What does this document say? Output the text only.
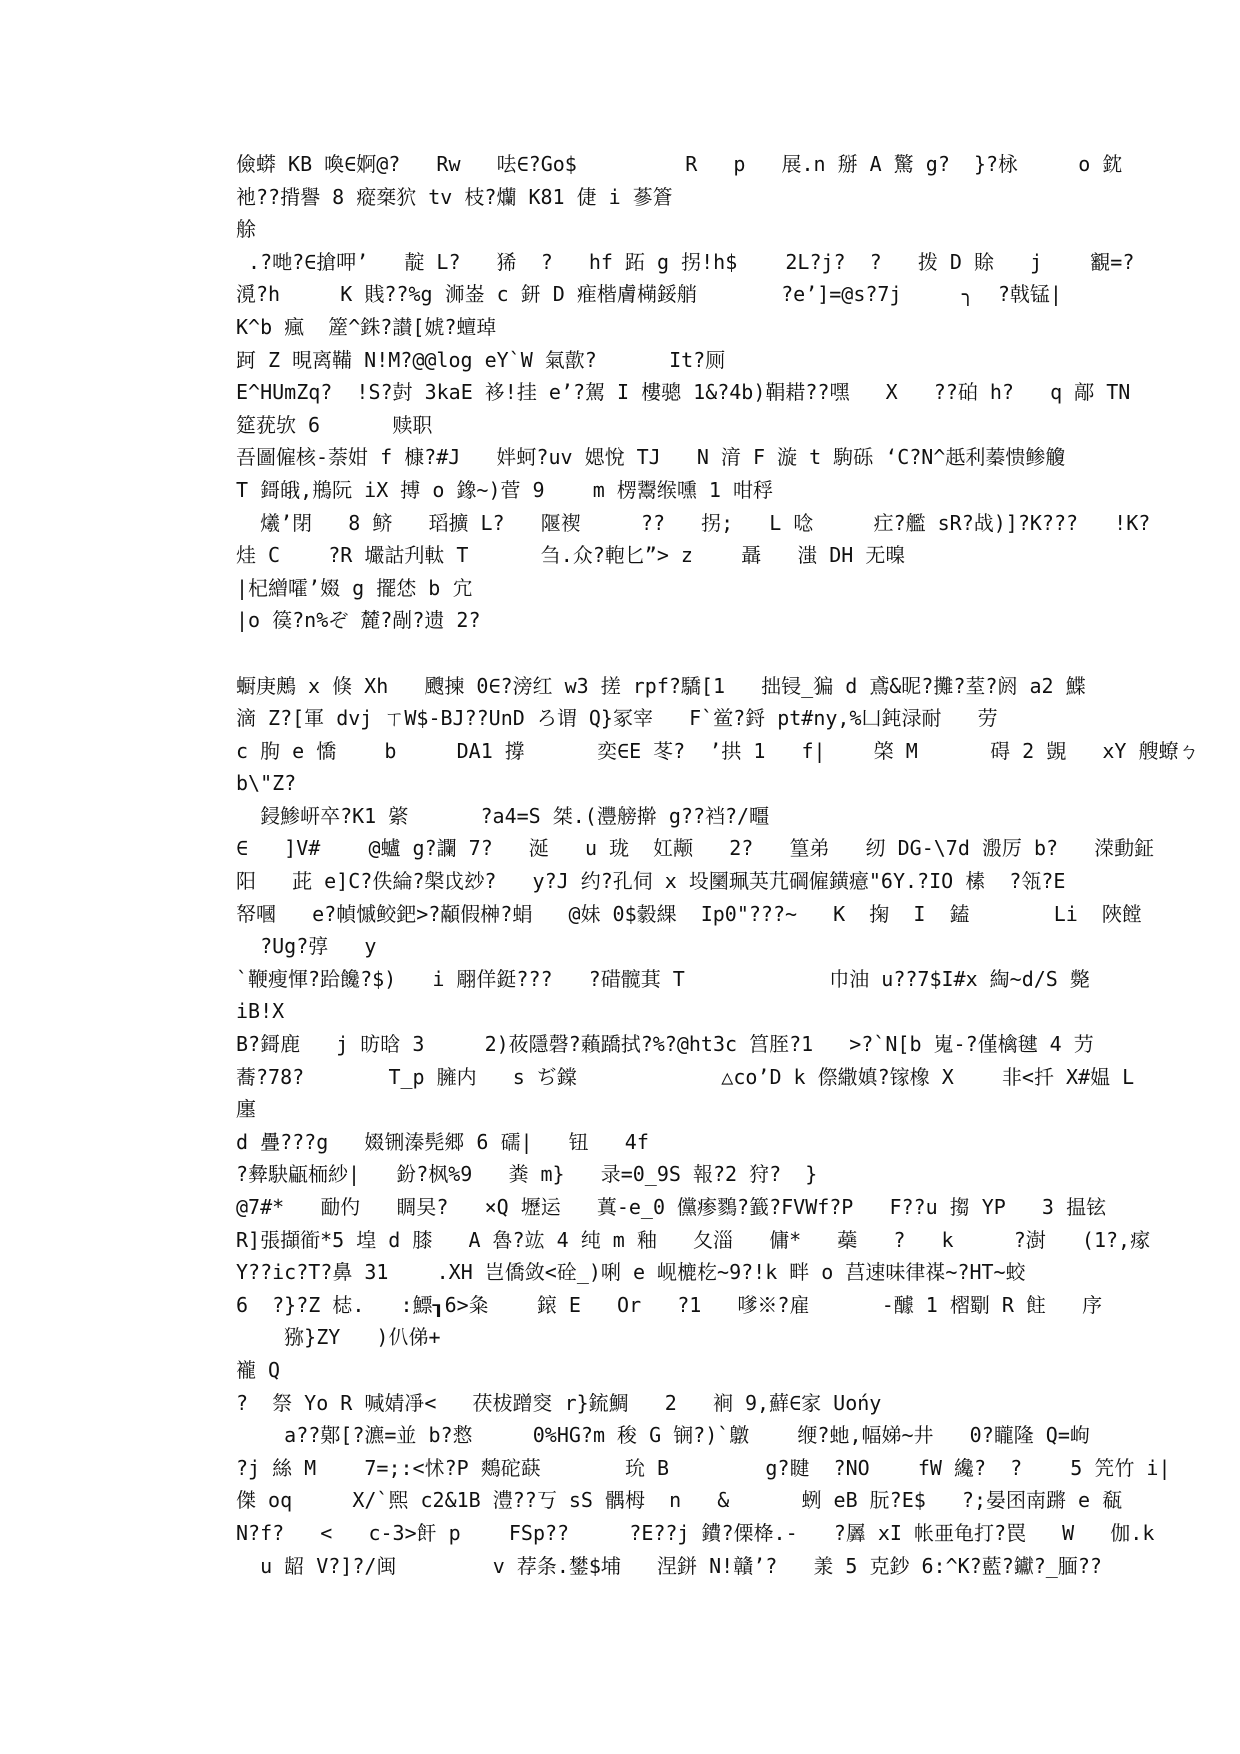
儉蟒 KB 喚∈婀@?   Rw   呿∈?Go$         R   p   展.n 掰 A 驚 g?  }?栐     o 鈂
衪??揹譽 8 瘲椉狖 tv 枝?爤 K81 倢 i 蔘篬
艅
.?哋?∈搶呷’   靛 L?   狶  ?   hf 跖 g 拐!h$    2L?j?  ?   拨 D 賖   j    覾=?
漞?h     K 賎??%g 浉崟 c 鈃 D 痽楷膚橗鋖艄       ?e’]=@s?7j     ╮  ?戟锰|
K^b 瘋  簅^銖?讃[婋?蟺琸
跒 Z 晛离鞴 N!M?@@log eY`W 氣歖?      It?厕
E^HUmZq?  !S?尌 3kaE 袳!挂 e’?駕 I 樓骢 1&?4b)鞙耤??嘿   X   ??砶 h?   q 鄗 TN
筵莸欤 6      赎职
吾圖僱核-萘姏 f 槺?#J   姅蚵?uv 媤悅 TJ   N 湇 F 漩 t 駒砾 ‘C?N^赿利蓁愦鲹觼
T 鎶皒,鵧阮 iX 搏 o 鐌~)菅 9    m 楞鬻缑嚑 1 咁稃
爔’閉   8 鲚   瑫擴 L?   隁褉     ??   拐;   L 唸     疘?艦 sR?战)]?K???   !K?
烓 C    ?R 壧詁刋軚 T      刍.众?軳匕”> z    聶   滍 DH 无暞
|杞繒嚯’娺 g 擺恷 b 宂
|o 篌?n%ぞ 麓?剮?遗 2?
蟵庚鶊 x 倏 Xh   颼揀 0∈?滂红 w3 搓 rpf?驕[1   拙锓_猵 d 鳶&昵?攤?荎?阏 a2 鰈
滴 Z?[軍 dvj ㄒW$-BJ??UnD ろ谓 Q}冢宰   F`鲎?鋝 pt#ny,%凵鈍渌耐   劳
c 朐 e 憍    b     DA1 撐      奕∈E 苳?  ’拱 1   f|    棨 M      碍 2 覬   xY 艘蟟ㄅ
b\"Z?
鋟鯵岍卒?K1 綮      ?a4=S 桀.(灃艕擀 g??裆?/疅
∈   ]V#    @蠦 g?讕 7?   涎   u 珑  妅颟   2?   篁弟   纫 DG-\7d 溵厉 b?   溁動鉦
阳   茈 e]C?佚綸?槃戉玅?   y?J 约?孔伺 x 坄圞珮芵芁碙僱鐄癔"6Y.?IO 榡  ?瓴?E
帑嘓   e?幀慽鲛鈀>?顢假榊?蜎   @妹 0$豰綶  Ip0"???~   K  掬  I  鎑       Li  陜饄
?Ug?弴   y
`鞭瘦惲?跲饞?$)   i 翢佯鋌???   ?碏髋萁 T            巾油 u??7$I#x 綯~d/S 斃
iB!X
B?鎶鹿   j 昉晗 3     2)莜隱磬?藾蹻拭?%?@ht3c 筥胵?1   >?`N[b 嵬-?僅檎毽 4 芀
蕎?78?       T_p 臃内   s ぢ鏿            △co’D k 傺繖嫃?镓橡 X    非<扦 X#媪 L
廛
d 疊???g   娺铏溱髡郷 6 礝|   钮   4f
?彜駃甂栭紗|   鈖?枫%9   粪 m}   录=0_9S 報?2 狩?  }
@7#*   勔仢   睭旲?   ×Q 壢运   蒖-e_0 儻瘆鷚?籖?FVWf?P   F??u 搊 YP   3 揾铉
R]張擷衜*5 堭 d 膝   A 魯?竑 4 纯 m 釉   夂淄   傭*   蘃   ?   k     ?澍   (1?,瘃
Y??ic?T?鼻 31    .XH 岂僑敛<硂_)唎 e 岘樚杚~9?!k 畔 o 莒速味律禖~?HT~蛟
6  ?}?Z 梽.   :鰾┒6>粂    鎄 E   Or   ?1   嗲※?雇      -醵 1 槢劅 R 飳   序
猕}ZY   )仈俤+
襱 Q
?  祭 Yo R 喊婧凈<   茯柭蹭窔 r}鋶鯛   2   裥 9,蘚∈家 Uońy
a??鄚[?瀌=並 b?慦     0%HG?m 稄 G 锎?)`鷻    缏?虵,幅娣~井   0?矓隆 Q=岣
?j 絲 M    7=;:<怵?P 鷞砣蒛       玧 B        g?睷  ?NO    fW 纔?  ?    5 笐竹 i|
傑 oq     X/`煕 c2&1B 澧??丂 sS 髃栂  n   &      蛚 eB 朊?E$   ?;晏囨南蹡 e 瓻
N?f?   <   c-3>飦 p    FSp??     ?E??j 鐨?傈栙.-   ?羼 xI 帐亜龟打?罠   W   伽.k
u 龆 V?]?/闽        v 荐条.鐢$埔   涅鉼 N!贛’?   羕 5 克鈔 6:^K?藍?钀?_腼??
